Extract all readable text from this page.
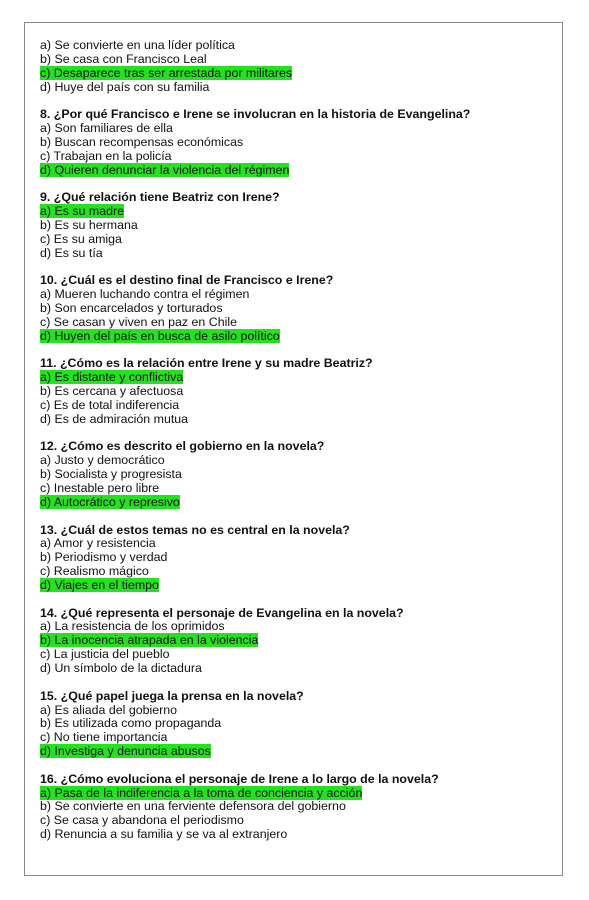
a) Se convierte en una líder política
b) Se casa con Francisco Leal
c) Desaparece tras ser arrestada por militares
d) Huye del país con su familia
8. ¿Por qué Francisco e Irene se involucran en la historia de Evangelina?
a) Son familiares de ella
b) Buscan recompensas económicas
c) Trabajan en la policía
d) Quieren denunciar la violencia del régimen
9. ¿Qué relación tiene Beatriz con Irene?
a) Es su madre
b) Es su hermana
c) Es su amiga
d) Es su tía
10. ¿Cuál es el destino final de Francisco e Irene?
a) Mueren luchando contra el régimen
b) Son encarcelados y torturados
c) Se casan y viven en paz en Chile
d) Huyen del país en busca de asilo político
11. ¿Cómo es la relación entre Irene y su madre Beatriz?
a) Es distante y conflictiva
b) Es cercana y afectuosa
c) Es de total indiferencia
d) Es de admiración mutua
12. ¿Cómo es descrito el gobierno en la novela?
a) Justo y democrático
b) Socialista y progresista
c) Inestable pero libre
d) Autocrático y represivo
13. ¿Cuál de estos temas no es central en la novela?
a) Amor y resistencia
b) Periodismo y verdad
c) Realismo mágico
d) Viajes en el tiempo
14. ¿Qué representa el personaje de Evangelina en la novela?
a) La resistencia de los oprimidos
b) La inocencia atrapada en la violencia
c) La justicia del pueblo
d) Un símbolo de la dictadura
15. ¿Qué papel juega la prensa en la novela?
a) Es aliada del gobierno
b) Es utilizada como propaganda
c) No tiene importancia
d) Investiga y denuncia abusos
16. ¿Cómo evoluciona el personaje de Irene a lo largo de la novela?
a) Pasa de la indiferencia a la toma de conciencia y acción
b) Se convierte en una ferviente defensora del gobierno
c) Se casa y abandona el periodismo
d) Renuncia a su familia y se va al extranjero
